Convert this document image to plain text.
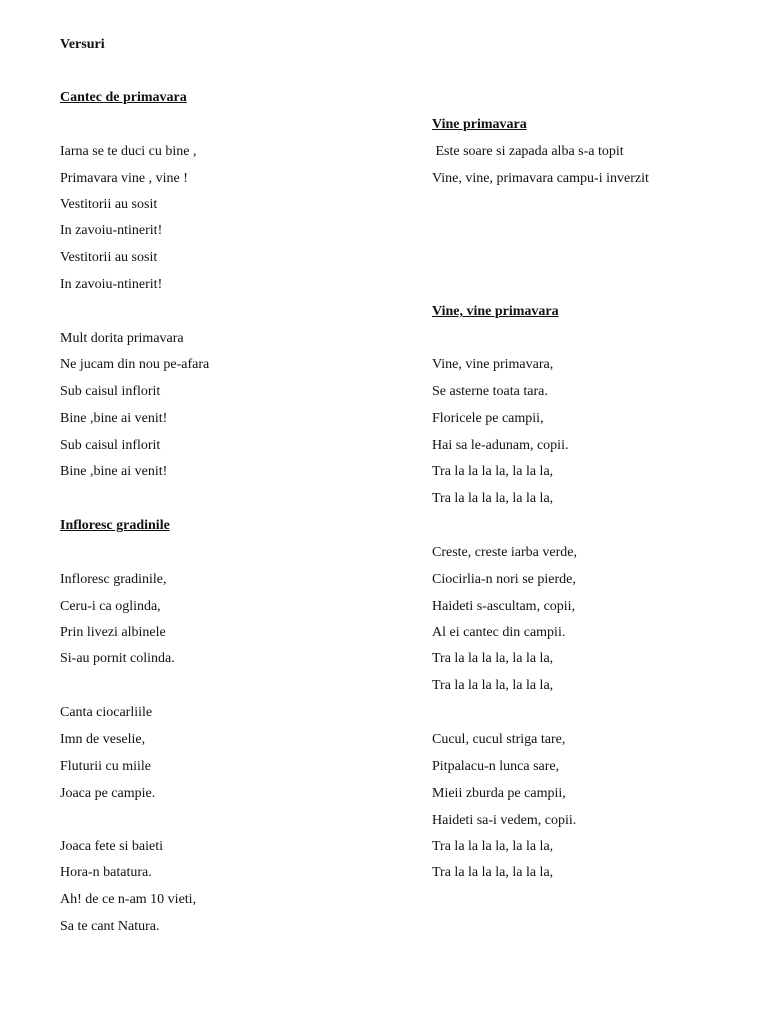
Versuri
Cantec de primavara
Iarna se te duci cu bine ,
Primavara vine , vine !
Vestitorii au sosit
In zavoiu-ntinerit!
Vestitorii au sosit
In zavoiu-ntinerit!
Mult dorita primavara
Ne jucam din nou pe-afara
Sub caisul inflorit
Bine ,bine ai venit!
Sub caisul inflorit
Bine ,bine ai venit!
Infloresc gradinile
Infloresc gradinile,
Ceru-i ca oglinda,
Prin livezi albinele
Si-au pornit colinda.
Canta ciocarliile
Imn de veselie,
Fluturii cu miile
Joaca pe campie.
Joaca fete si baieti
Hora-n batatura.
Ah! de ce n-am 10 vieti,
Sa te cant Natura.
Vine primavara
Este soare si zapada alba s-a topit
Vine, vine, primavara campu-i inverzit
Vine, vine primavara
Vine, vine primavara,
Se asterne toata tara.
Floricele pe campii,
Hai sa le-adunam, copii.
Tra la la la la, la la la,
Tra la la la la, la la la,
Creste, creste iarba verde,
Ciocirlia-n nori se pierde,
Haideti s-ascultam, copii,
Al ei cantec din campii.
Tra la la la la, la la la,
Tra la la la la, la la la,
Cucul, cucul striga tare,
Pitpalacu-n lunca sare,
Mieii zburda pe campii,
Haideti sa-i vedem, copii.
Tra la la la la, la la la,
Tra la la la la, la la la,
